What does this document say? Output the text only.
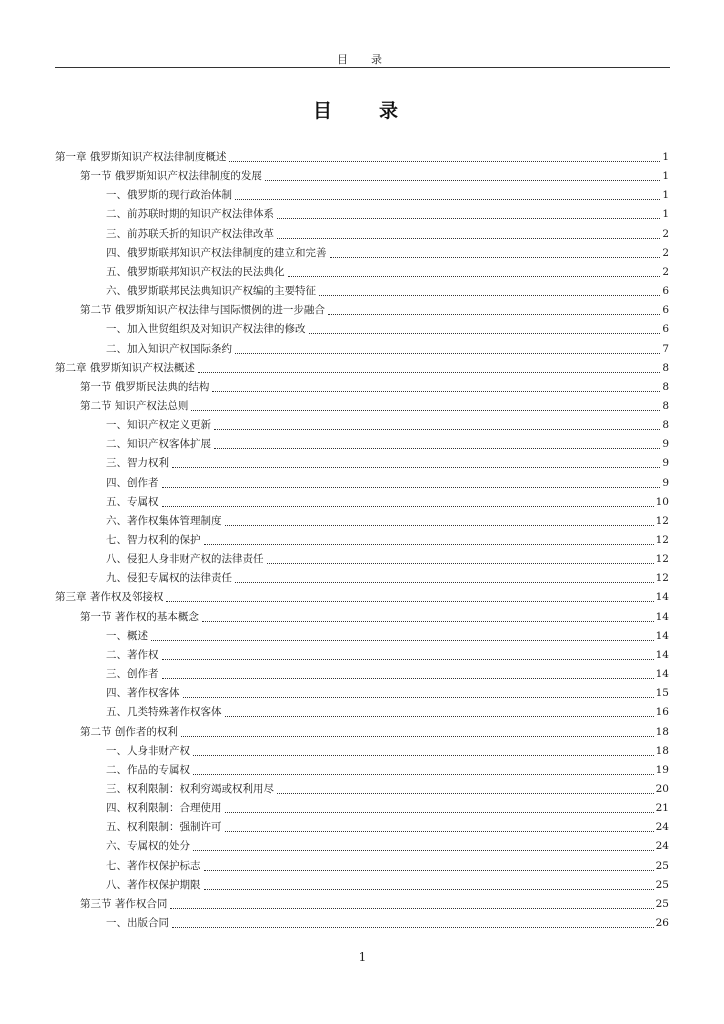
目　录
目　录
第一章 俄罗斯知识产权法律制度概述	1
第一节 俄罗斯知识产权法律制度的发展	1
一、俄罗斯的现行政治体制	1
二、前苏联时期的知识产权法律体系	1
三、前苏联夭折的知识产权法律改革	2
四、俄罗斯联邦知识产权法律制度的建立和完善	2
五、俄罗斯联邦知识产权法的民法典化	2
六、俄罗斯联邦民法典知识产权编的主要特征	6
第二节 俄罗斯知识产权法律与国际惯例的进一步融合	6
一、加入世贸组织及对知识产权法律的修改	6
二、加入知识产权国际条约	7
第二章 俄罗斯知识产权法概述	8
第一节 俄罗斯民法典的结构	8
第二节 知识产权法总则	8
一、知识产权定义更新	8
二、知识产权客体扩展	9
三、智力权利	9
四、创作者	9
五、专属权	10
六、著作权集体管理制度	12
七、智力权利的保护	12
八、侵犯人身非财产权的法律责任	12
九、侵犯专属权的法律责任	12
第三章 著作权及邻接权	14
第一节 著作权的基本概念	14
一、概述	14
二、著作权	14
三、创作者	14
四、著作权客体	15
五、几类特殊著作权客体	16
第二节 创作者的权利	18
一、人身非财产权	18
二、作品的专属权	19
三、权利限制：权利穷竭或权利用尽	20
四、权利限制：合理使用	21
五、权利限制：强制许可	24
六、专属权的处分	24
七、著作权保护标志	25
八、著作权保护期限	25
第三节 著作权合同	25
一、出版合同	26
1
